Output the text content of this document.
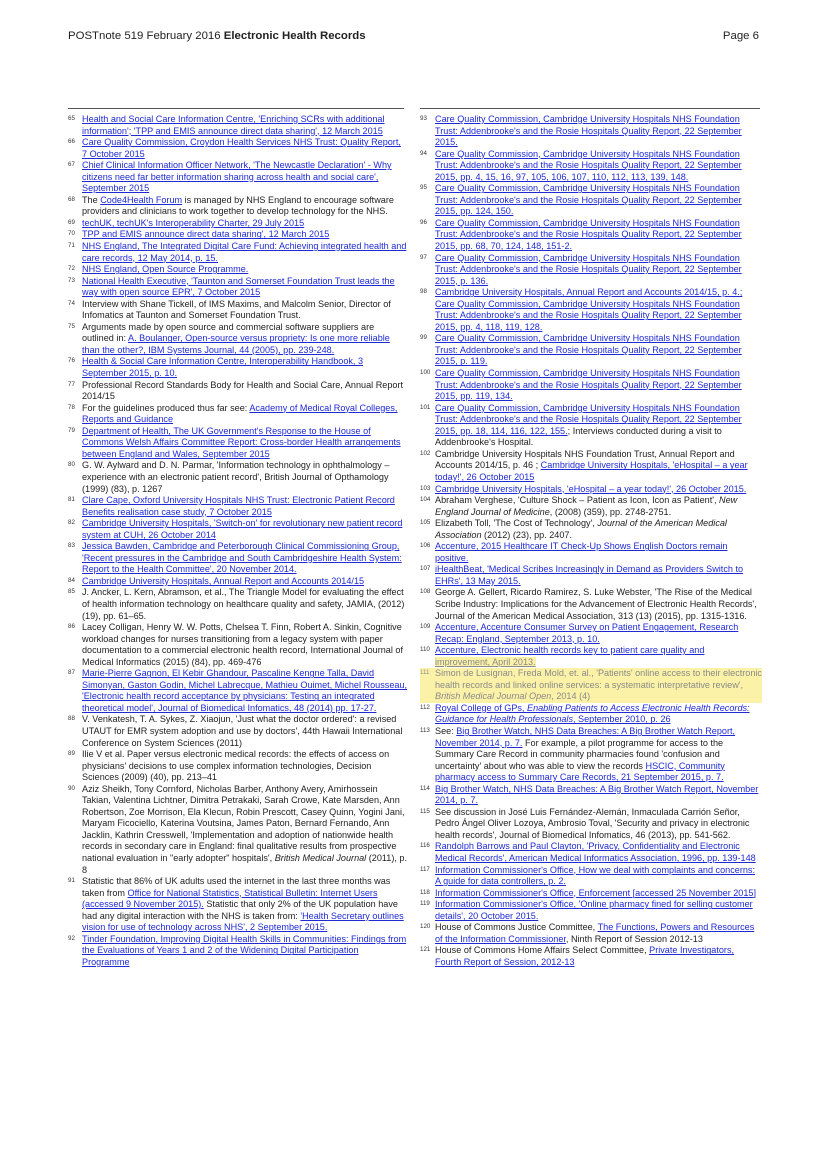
POSTnote 519 February 2016 Electronic Health Records	Page 6
65 Health and Social Care Information Centre, 'Enriching SCRs with additional information'; 'TPP and EMIS announce direct data sharing', 12 March 2015
66 Care Quality Commission, Croydon Health Services NHS Trust: Quality Report, 7 October 2015
67 Chief Clinical Information Officer Network, 'The Newcastle Declaration' - Why citizens need far better information sharing across health and social care', September 2015
68 The Code4Health Forum is managed by NHS England to encourage software providers and clinicians to work together to develop technology for the NHS.
69 techUK, techUK's Interoperability Charter, 29 July 2015
70 TPP and EMIS announce direct data sharing', 12 March 2015
71 NHS England, The Integrated Digital Care Fund: Achieving integrated health and care records, 12 May 2014, p. 15.
72 NHS England, Open Source Programme.
73 National Health Executive, 'Taunton and Somerset Foundation Trust leads the way with open source EPR', 7 October 2015
74 Interview with Shane Tickell, of IMS Maxims, and Malcolm Senior, Director of Infomatics at Taunton and Somerset Foundation Trust.
75 Arguments made by open source and commercial software suppliers are outlined in: A. Boulanger, Open-source versus propriety: Is one more reliable than the other?, IBM Systems Journal, 44 (2005), pp. 239-248.
76 Health & Social Care Information Centre, Interoperability Handbook, 3 September 2015, p. 10.
77 Professional Record Standards Body for Health and Social Care, Annual Report 2014/15
78 For the guidelines produced thus far see: Academy of Medical Royal Colleges, Reports and Guidance
79 Department of Health, The UK Government's Response to the House of Commons Welsh Affairs Committee Report: Cross-border Health arrangements between England and Wales, September 2015
80 G. W. Aylward and D. N. Parmar, 'Information technology in ophthalmology – experience with an electronic patient record', British Journal of Opthamology (1999) (83), p. 1267
81 Clare Cape, Oxford University Hospitals NHS Trust: Electronic Patient Record Benefits realisation case study, 7 October 2015
82 Cambridge University Hospitals, 'Switch-on' for revolutionary new patient record system at CUH, 26 October 2014
83 Jessica Bawden, Cambridge and Peterborough Clinical Commissioning Group, 'Recent pressures in the Cambridge and South Cambridgeshire Health System: Report to the Health Committee', 20 November 2014.
84 Cambridge University Hospitals, Annual Report and Accounts 2014/15
85 J. Ancker, L. Kern, Abramson, et al., The Triangle Model for evaluating the effect of health information technology on healthcare quality and safety, JAMIA, (2012) (19), pp. 61–65.
86 Lacey Colligan, Henry W. W. Potts, Chelsea T. Finn, Robert A. Sinkin, Cognitive workload changes for nurses transitioning from a legacy system with paper documentation to a commercial electronic health record, International Journal of Medical Informatics (2015) (84), pp. 469-476
87 Marie-Pierre Gagnon, El Kebir Ghandour, Pascaline Kengne Talla, David Simonyan, Gaston Godin, Michel Labrecque, Mathieu Ouimet, Michel Rousseau, 'Electronic health record acceptance by physicians: Testing an integrated theoretical model', Journal of Biomedical Infomatics, 48 (2014) pp. 17-27.
88 V. Venkatesh, T. A. Sykes, Z. Xiaojun, 'Just what the doctor ordered': a revised UTAUT for EMR system adoption and use by doctors', 44th Hawaii International Conference on System Sciences (2011)
89 Ilie V et al. Paper versus electronic medical records: the effects of access on physicians' decisions to use complex information technologies, Decision Sciences (2009) (40), pp. 213–41
90 Aziz Sheikh, Tony Cornford, Nicholas Barber, Anthony Avery, Amirhossein Takian, Valentina Lichtner, Dimitra Petrakaki, Sarah Crowe, Kate Marsden, Ann Robertson, Zoe Morrison, Ela Klecun, Robin Prescott, Casey Quinn, Yogini Jani, Maryam Ficociello, Katerina Voutsina, James Paton, Bernard Fernando, Ann Jacklin, Kathrin Cresswell, 'Implementation and adoption of nationwide health records in secondary care in England: final qualitative results from prospective national evaluation in "early adopter" hospitals', British Medical Journal (2011), p. 8
91 Statistic that 86% of UK adults used the internet in the last three months was taken from Office for National Statistics, Statistical Bulletin: Internet Users (accessed 9 November 2015). Statistic that only 2% of the UK population have had any digital interaction with the NHS is taken from: 'Health Secretary outlines vision for use of technology across NHS', 2 September 2015.
92 Tinder Foundation, Improving Digital Health Skills in Communities: Findings from the Evaluations of Years 1 and 2 of the Widening Digital Participation Programme
93 Care Quality Commission, Cambridge University Hospitals NHS Foundation Trust: Addenbrooke's and the Rosie Hospitals Quality Report, 22 September 2015.
94 Care Quality Commission, Cambridge University Hospitals NHS Foundation Trust: Addenbrooke's and the Rosie Hospitals Quality Report, 22 September 2015, pp. 4, 15, 16, 97, 105, 106, 107, 110, 112, 113, 139, 148.
95 Care Quality Commission, Cambridge University Hospitals NHS Foundation Trust: Addenbrooke's and the Rosie Hospitals Quality Report, 22 September 2015, pp. 124, 150.
96 Care Quality Commission, Cambridge University Hospitals NHS Foundation Trust: Addenbrooke's and the Rosie Hospitals Quality Report, 22 September 2015, pp. 68, 70, 124, 148, 151-2.
97 Care Quality Commission, Cambridge University Hospitals NHS Foundation Trust: Addenbrooke's and the Rosie Hospitals Quality Report, 22 September 2015, p. 136.
98 Cambridge University Hospitals, Annual Report and Accounts 2014/15, p. 4.; Care Quality Commission, Cambridge University Hospitals NHS Foundation Trust: Addenbrooke's and the Rosie Hospitals Quality Report, 22 September 2015, pp. 4, 118, 119, 128.
99 Care Quality Commission, Cambridge University Hospitals NHS Foundation Trust: Addenbrooke's and the Rosie Hospitals Quality Report, 22 September 2015, p. 119.
100 Care Quality Commission, Cambridge University Hospitals NHS Foundation Trust: Addenbrooke's and the Rosie Hospitals Quality Report, 22 September 2015, pp. 119, 134.
101 Care Quality Commission, Cambridge University Hospitals NHS Foundation Trust: Addenbrooke's and the Rosie Hospitals Quality Report, 22 September 2015, pp. 18, 114, 116, 122, 155.; Interviews conducted during a visit to Addenbrooke's Hospital.
102 Cambridge University Hospitals NHS Foundation Trust, Annual Report and Accounts 2014/15, p. 46 ; Cambridge University Hospitals, 'eHospital – a year today!', 26 October 2015
103 Cambridge University Hospitals, 'eHospital – a year today!', 26 October 2015.
104 Abraham Verghese, 'Culture Shock – Patient as Icon, Icon as Patient', New England Journal of Medicine, (2008) (359), pp. 2748-2751.
105 Elizabeth Toll, 'The Cost of Technology', Journal of the American Medical Association (2012) (23), pp. 2407.
106 Accenture, 2015 Healthcare IT Check-Up Shows English Doctors remain positive.
107 iHealthBeat, 'Medical Scribes Increasingly in Demand as Providers Switch to EHRs', 13 May 2015.
108 George A. Gellert, Ricardo Ramirez, S. Luke Webster, 'The Rise of the Medical Scribe Industry: Implications for the Advancement of Electronic Health Records', Journal of the American Medical Association, 313 (13) (2015), pp. 1315-1316.
109 Accenture, Accenture Consumer Survey on Patient Engagement, Research Recap: England, September 2013, p. 10.
110 Accenture, Electronic health records key to patient care quality and improvement, April 2013.
111 Simon de Lusignan, Freda Mold, et. al., 'Patients' online access to their electronic health records and linked online services: a systematic interpretative review', British Medical Journal Open, 2014 (4)
112 Royal College of GPs, Enabling Patients to Access Electronic Health Records: Guidance for Health Professionals, September 2010, p. 26
113 See: Big Brother Watch, NHS Data Breaches: A Big Brother Watch Report, November 2014, p. 7. For example, a pilot programme for access to the Summary Care Record in community pharmacies found 'confusion and uncertainty' about who was able to view the records HSCIC, Community pharmacy access to Summary Care Records, 21 September 2015, p. 7.
114 Big Brother Watch, NHS Data Breaches: A Big Brother Watch Report, November 2014, p. 7.
115 See discussion in José Luis Fernández-Alemán, Inmaculada Carrión Señor, Pedro Ángel Oliver Lozoya, Ambrosio Toval, 'Security and privacy in electronic health records', Journal of Biomedical Infomatics, 46 (2013), pp. 541-562.
116 Randolph Barrows and Paul Clayton, 'Privacy, Confidentiality and Electronic Medical Records', American Medical Informatics Association, 1996, pp. 139-148
117 Information Commissioner's Office, How we deal with complaints and concerns: A guide for data controllers, p. 2.
118 Information Commissioner's Office, Enforcement [accessed 25 November 2015]
119 Information Commissioner's Office, 'Online pharmacy fined for selling customer details', 20 October 2015.
120 House of Commons Justice Committee, The Functions, Powers and Resources of the Information Commissioner, Ninth Report of Session 2012-13
121 House of Commons Home Affairs Select Committee, Private Investigators, Fourth Report of Session, 2012-13
